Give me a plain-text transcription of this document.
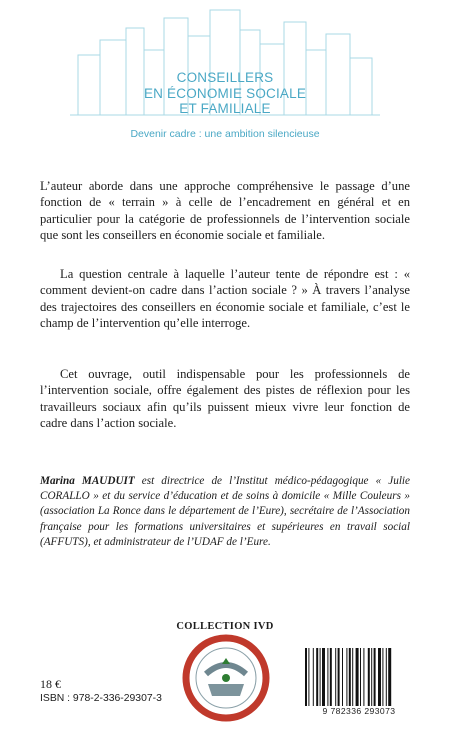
CONSEILLERS
EN ÉCONOMIE SOCIALE
ET FAMILIALE
Devenir cadre : une ambition silencieuse

L’auteur aborde dans une approche compréhensive le passage d’une fonction de « terrain » à celle de l’encadrement en général et en particulier pour la catégorie de professionnels de l’intervention sociale que sont les conseillers en économie sociale et familiale.

La question centrale à laquelle l’auteur tente de répondre est : « comment devient-on cadre dans l’action sociale ? » À travers l’analyse des trajectoires des conseillers en économie sociale et familiale, c’est le champ de l’intervention qu’elle interroge.

Cet ouvrage, outil indispensable pour les professionnels de l’intervention sociale, offre également des pistes de réflexion pour les travailleurs sociaux afin qu’ils puissent mieux vivre leur fonction de cadre dans l’action sociale.

Marina MAUDUIT est directrice de l’Institut médico-pédagogique « Julie CORALLO » et du service d’éducation et de soins à domicile « Mille Couleurs » (association La Ronce dans le département de l’Eure), secrétaire de l’Association française pour les formations universitaires et supérieures en travail social (AFFUTS), et administrateur de l’UDAF de l’Eure.
COLLECTION IVD
18 €
ISBN : 978-2-336-29307-3
9 782336 293073
